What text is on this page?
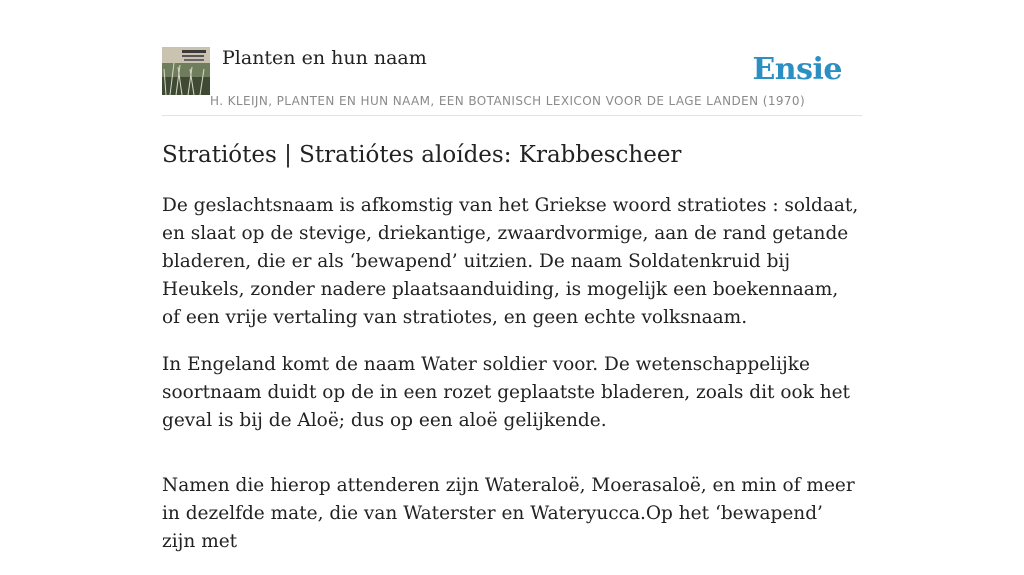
Planten en hun naam	Ensie
H. KLEIJN, PLANTEN EN HUN NAAM, EEN BOTANISCH LEXICON VOOR DE LAGE LANDEN (1970)
Stratiótes | Stratiótes aloídes: Krabbescheer

De geslachtsnaam is afkomstig van het Griekse woord stratiotes : soldaat, en slaat op de stevige, driekantige, zwaardvormige, aan de rand getande bladeren, die er als ‘bewapend’ uitzien. De naam Soldatenkruid bij Heukels, zonder nadere plaatsaanduiding, is mogelijk een boekennaam, of een vrije vertaling van stratiotes, en geen echte volksnaam.

In Engeland komt de naam Water soldier voor. De wetenschappelijke soortnaam duidt op de in een rozet geplaatste bladeren, zoals dit ook het geval is bij de Aloë; dus op een aloë gelijkende.

Namen die hierop attenderen zijn Wateraloë, Moerasaloë, en min of meer in dezelfde mate, die van Waterster en Wateryucca.Op het ‘bewapend’ zijn met
